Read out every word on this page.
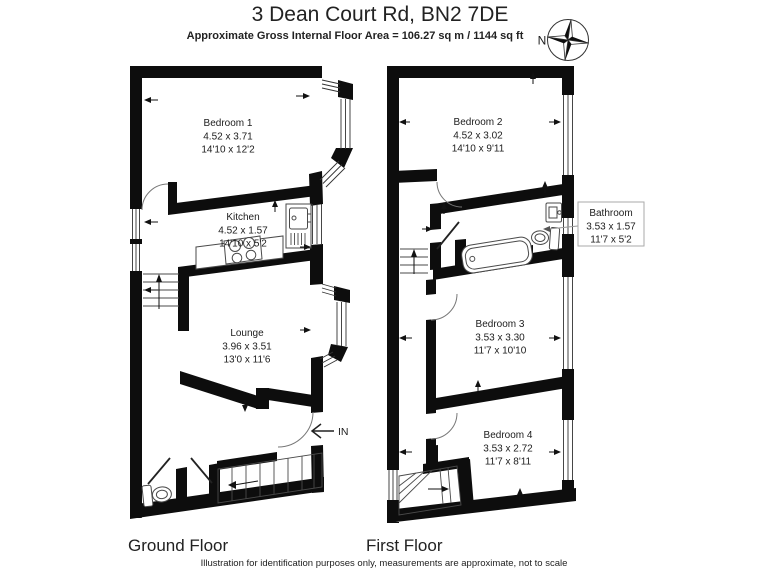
3 Dean Court Rd, BN2 7DE
Approximate Gross Internal Floor Area = 106.27 sq m / 1144 sq ft	N
IN
Bedroom 1
4.52 x 3.71
14'10 x 12'2
Kitchen
4.52 x 1.57
14'10 x 5'2
Lounge
3.96 x 3.51
13'0 x 11'6
Bathroom
3.53 x 1.57
11'7 x 5'2
Bedroom 2
4.52 x 3.02
14'10 x 9'11
Bedroom 3
3.53 x 3.30
11'7 x 10'10
Bedroom 4
3.53 x 2.72
11'7 x 8'11
Ground Floor	First Floor
Illustration for identification purposes only, measurements are approximate, not to scale
